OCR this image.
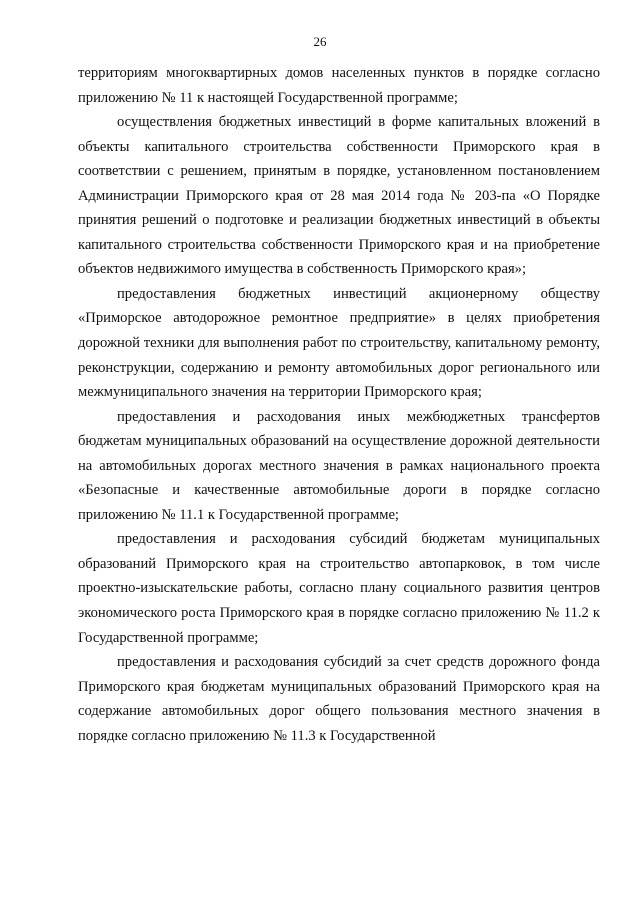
26

территориям многоквартирных домов населенных пунктов в порядке согласно приложению № 11 к настоящей Государственной программе;

осуществления бюджетных инвестиций в форме капитальных вложений в объекты капитального строительства собственности Приморского края в соответствии с решением, принятым в порядке, установленном постановлением Администрации Приморского края от 28 мая 2014 года № 203-па «О Порядке принятия решений о подготовке и реализации бюджетных инвестиций в объекты капитального строительства собственности Приморского края и на приобретение объектов недвижимого имущества в собственность Приморского края»;

предоставления бюджетных инвестиций акционерному обществу «Приморское автодорожное ремонтное предприятие» в целях приобретения дорожной техники для выполнения работ по строительству, капитальному ремонту, реконструкции, содержанию и ремонту автомобильных дорог регионального или межмуниципального значения на территории Приморского края;

предоставления и расходования иных межбюджетных трансфертов бюджетам муниципальных образований на осуществление дорожной деятельности на автомобильных дорогах местного значения в рамках национального проекта «Безопасные и качественные автомобильные дороги в порядке согласно приложению № 11.1 к Государственной программе;

предоставления и расходования субсидий бюджетам муниципальных образований Приморского края на строительство автопарковок, в том числе проектно-изыскательские работы, согласно плану социального развития центров экономического роста Приморского края в порядке согласно приложению № 11.2 к Государственной программе;

предоставления и расходования субсидий за счет средств дорожного фонда Приморского края бюджетам муниципальных образований Приморского края на содержание автомобильных дорог общего пользования местного значения в порядке согласно приложению № 11.3 к Государственной
